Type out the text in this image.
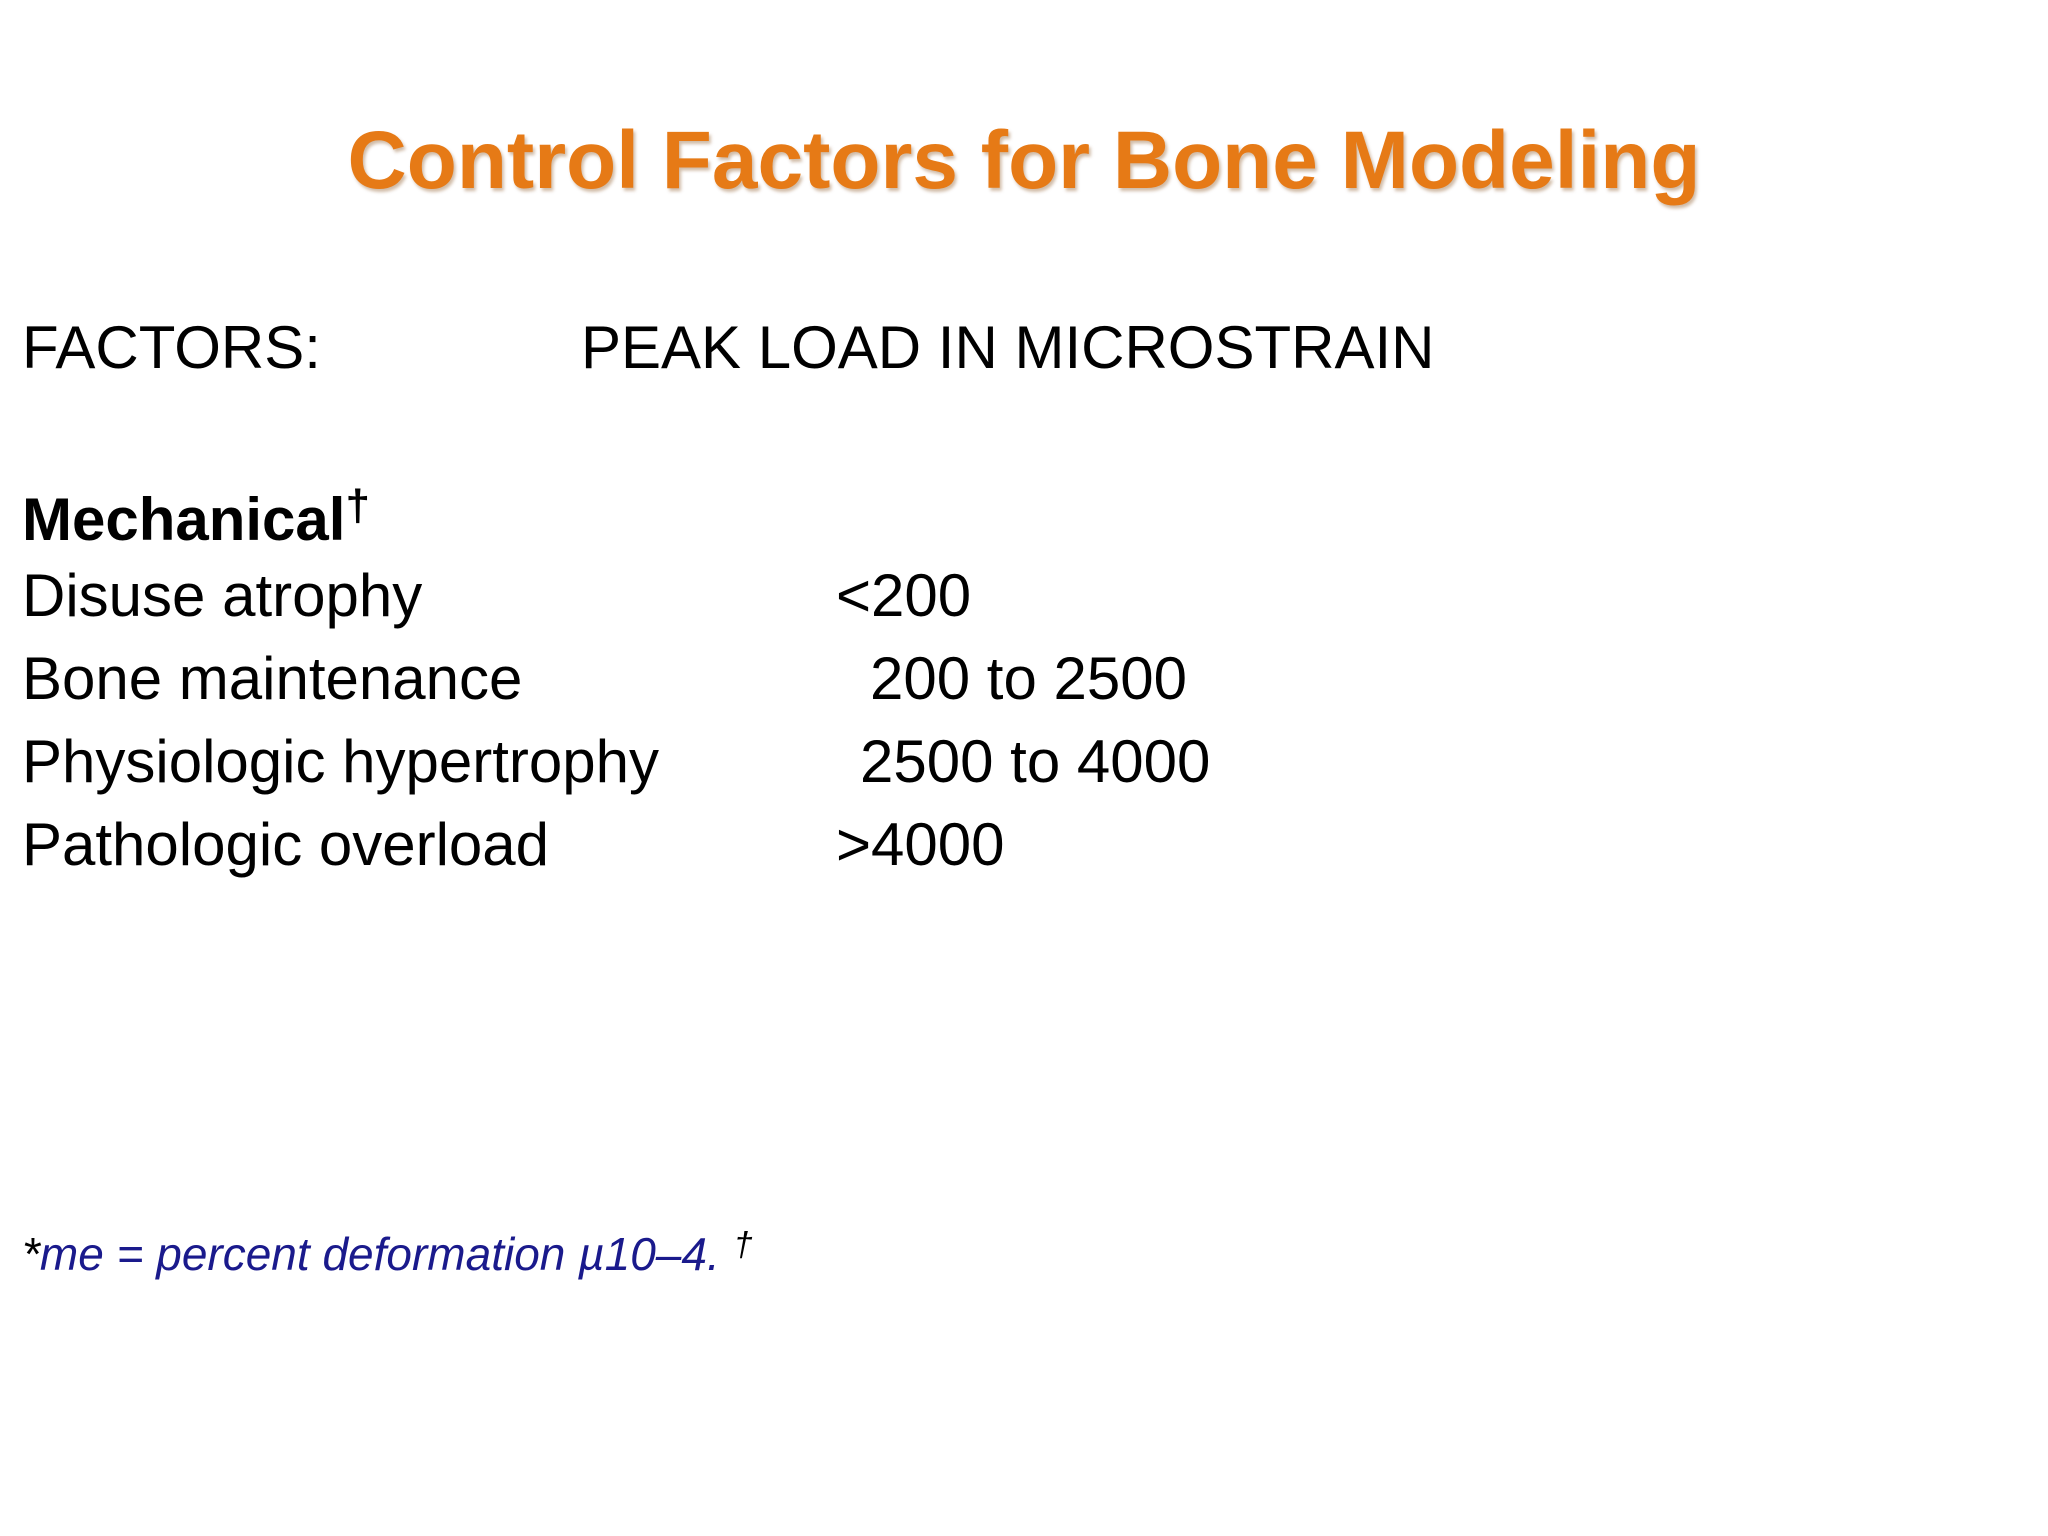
Control Factors for Bone Modeling
FACTORS:	PEAK LOAD IN MICROSTRAIN
Mechanical†
Disuse atrophy	<200
Bone maintenance	200 to 2500
Physiologic hypertrophy	2500 to 4000
Pathologic overload	>4000
*me = percent deformation µ10–4. †
